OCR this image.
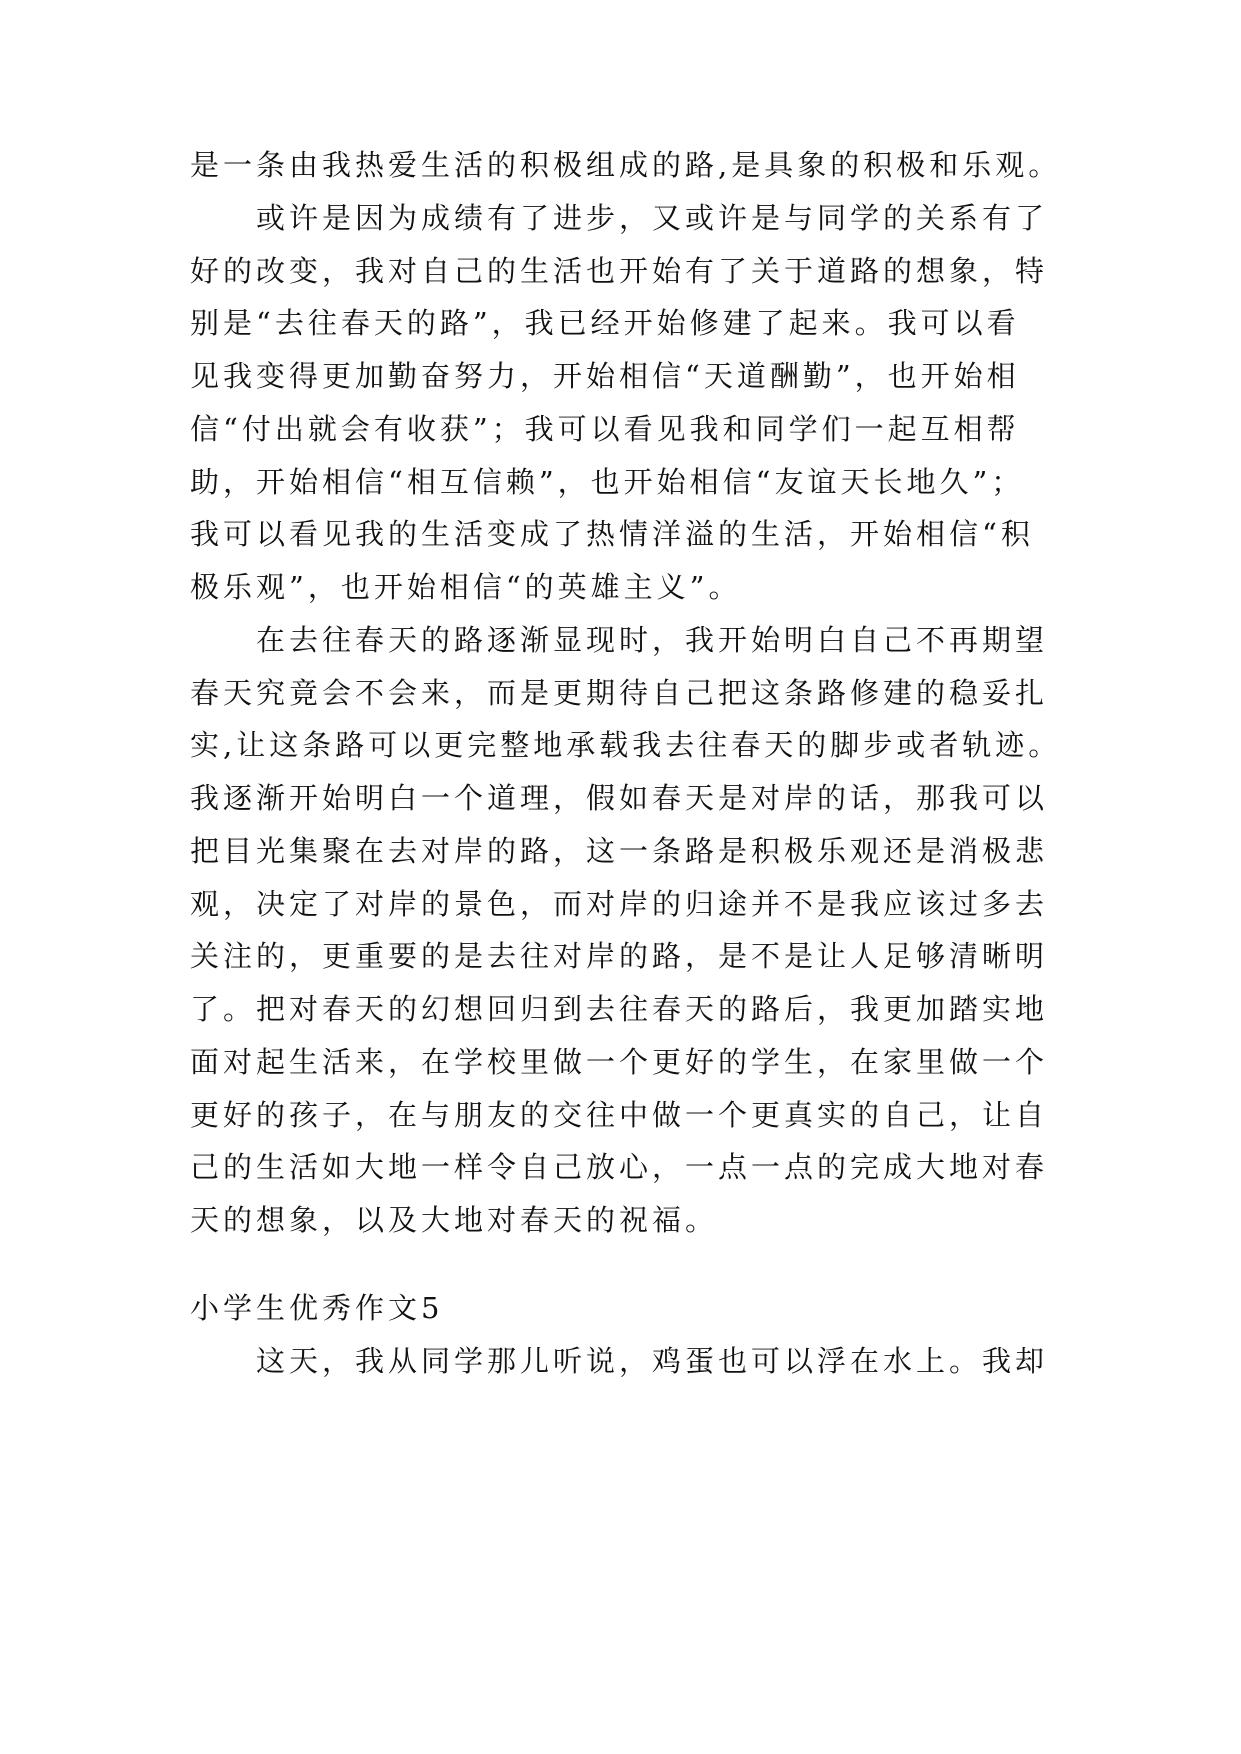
是一条由我热爱生活的积极组成的路,是具象的积极和乐观。
或许是因为成绩有了进步，又或许是与同学的关系有了
好的改变，我对自己的生活也开始有了关于道路的想象，特
别是“去往春天的路”，我已经开始修建了起来。我可以看
见我变得更加勤奋努力，开始相信“天道酬勤”，也开始相
信“付出就会有收获”；我可以看见我和同学们一起互相帮
助，开始相信“相互信赖”，也开始相信“友谊天长地久”；
我可以看见我的生活变成了热情洋溢的生活，开始相信“积
极乐观”，也开始相信“的英雄主义”。
在去往春天的路逐渐显现时，我开始明白自己不再期望
春天究竟会不会来，而是更期待自己把这条路修建的稳妥扎
实,让这条路可以更完整地承载我去往春天的脚步或者轨迹。
我逐渐开始明白一个道理，假如春天是对岸的话，那我可以
把目光集聚在去对岸的路，这一条路是积极乐观还是消极悲
观，决定了对岸的景色，而对岸的归途并不是我应该过多去
关注的，更重要的是去往对岸的路，是不是让人足够清晰明
了。把对春天的幻想回归到去往春天的路后，我更加踏实地
面对起生活来，在学校里做一个更好的学生，在家里做一个
更好的孩子，在与朋友的交往中做一个更真实的自己，让自
己的生活如大地一样令自己放心，一点一点的完成大地对春
天的想象，以及大地对春天的祝福。
小学生优秀作文5
这天，我从同学那儿听说，鸡蛋也可以浮在水上。我却
